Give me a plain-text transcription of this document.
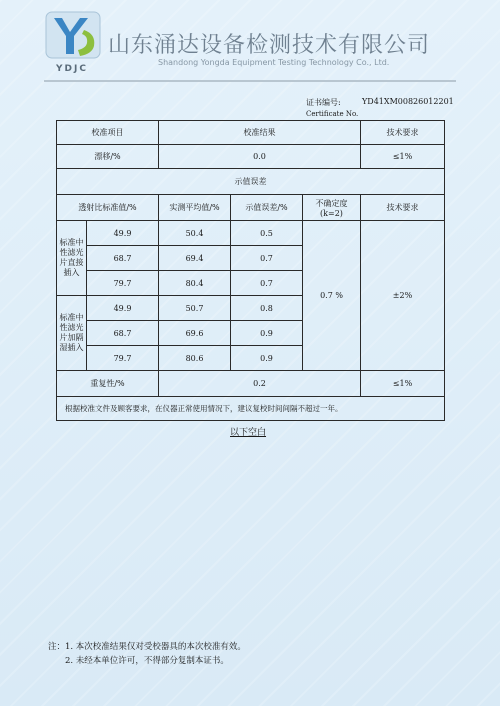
YDJC
山东涌达设备检测技术有限公司
Shandong Yongda Equipment Testing Technology Co., Ltd.
证书编号:
Certificate No.
YD41XM00826012201
校准项目		校准结果			技术要求
漂移/%		0.0			≤1%
示值误差					
透射比标准值/%		实测平均值/%	示值误差/%	不确定度
(k=2)	技术要求
标准中性滤光片直接插入	49.9	50.4	0.5	0.7 %	±2%
	68.7	69.4	0.7		
	79.7	80.4	0.7		
标准中性滤光片加隔湿插入	49.9	50.7	0.8		
	68.7	69.6	0.9		
	79.7	80.6	0.9		
重复性/%		0.2			≤1%
根据校准文件及顾客要求，在仪器正常使用情况下，建议复校时间间隔不超过一年。					
以下空白
注：1. 本次校准结果仅对受校器具的本次校准有效。
2. 未经本单位许可，不得部分复制本证书。
